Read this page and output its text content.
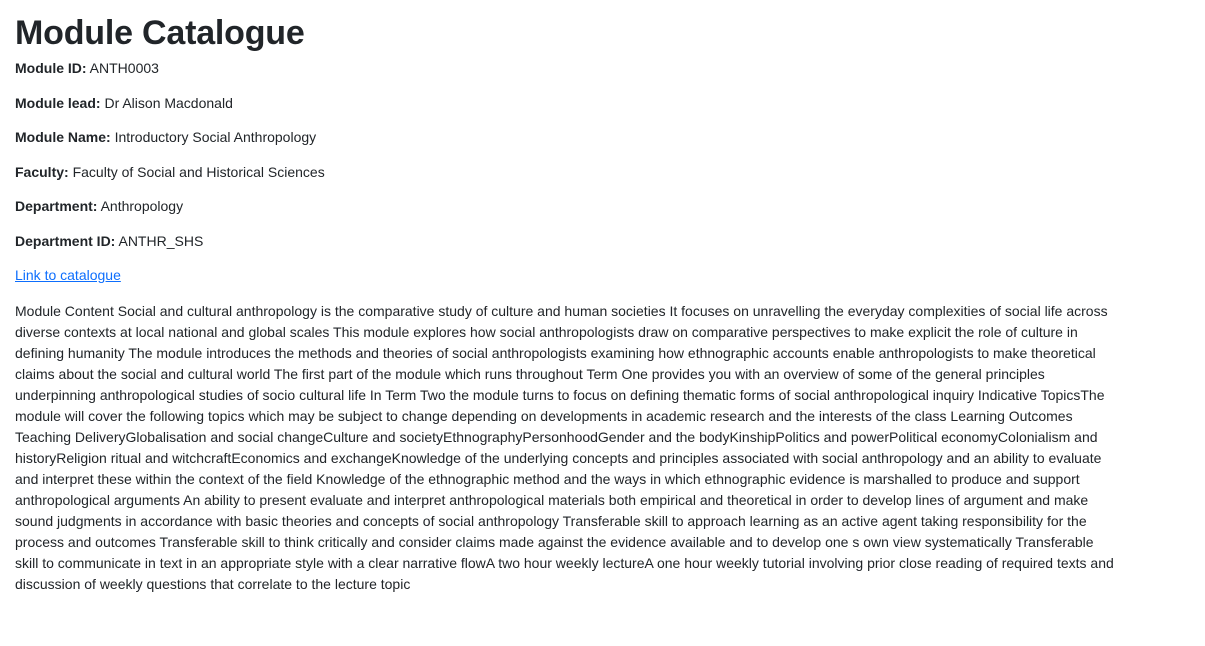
Module Catalogue

Module ID: ANTH0003

Module lead: Dr Alison Macdonald

Module Name: Introductory Social Anthropology

Faculty: Faculty of Social and Historical Sciences

Department: Anthropology

Department ID: ANTHR_SHS

Link to catalogue

Module Content Social and cultural anthropology is the comparative study of culture and human societies It focuses on unravelling the everyday complexities of social life across diverse contexts at local national and global scales This module explores how social anthropologists draw on comparative perspectives to make explicit the role of culture in defining humanity The module introduces the methods and theories of social anthropologists examining how ethnographic accounts enable anthropologists to make theoretical claims about the social and cultural world The first part of the module which runs throughout Term One provides you with an overview of some of the general principles underpinning anthropological studies of socio cultural life In Term Two the module turns to focus on defining thematic forms of social anthropological inquiry Indicative TopicsThe module will cover the following topics which may be subject to change depending on developments in academic research and the interests of the class Learning Outcomes Teaching DeliveryGlobalisation and social changeCulture and societyEthnographyPersonhoodGender and the bodyKinshipPolitics and powerPolitical economyColonialism and historyReligion ritual and witchcraftEconomics and exchangeKnowledge of the underlying concepts and principles associated with social anthropology and an ability to evaluate and interpret these within the context of the field Knowledge of the ethnographic method and the ways in which ethnographic evidence is marshalled to produce and support anthropological arguments An ability to present evaluate and interpret anthropological materials both empirical and theoretical in order to develop lines of argument and make sound judgments in accordance with basic theories and concepts of social anthropology Transferable skill to approach learning as an active agent taking responsibility for the process and outcomes Transferable skill to think critically and consider claims made against the evidence available and to develop one s own view systematically Transferable skill to communicate in text in an appropriate style with a clear narrative flowA two hour weekly lectureA one hour weekly tutorial involving prior close reading of required texts and discussion of weekly questions that correlate to the lecture topic
